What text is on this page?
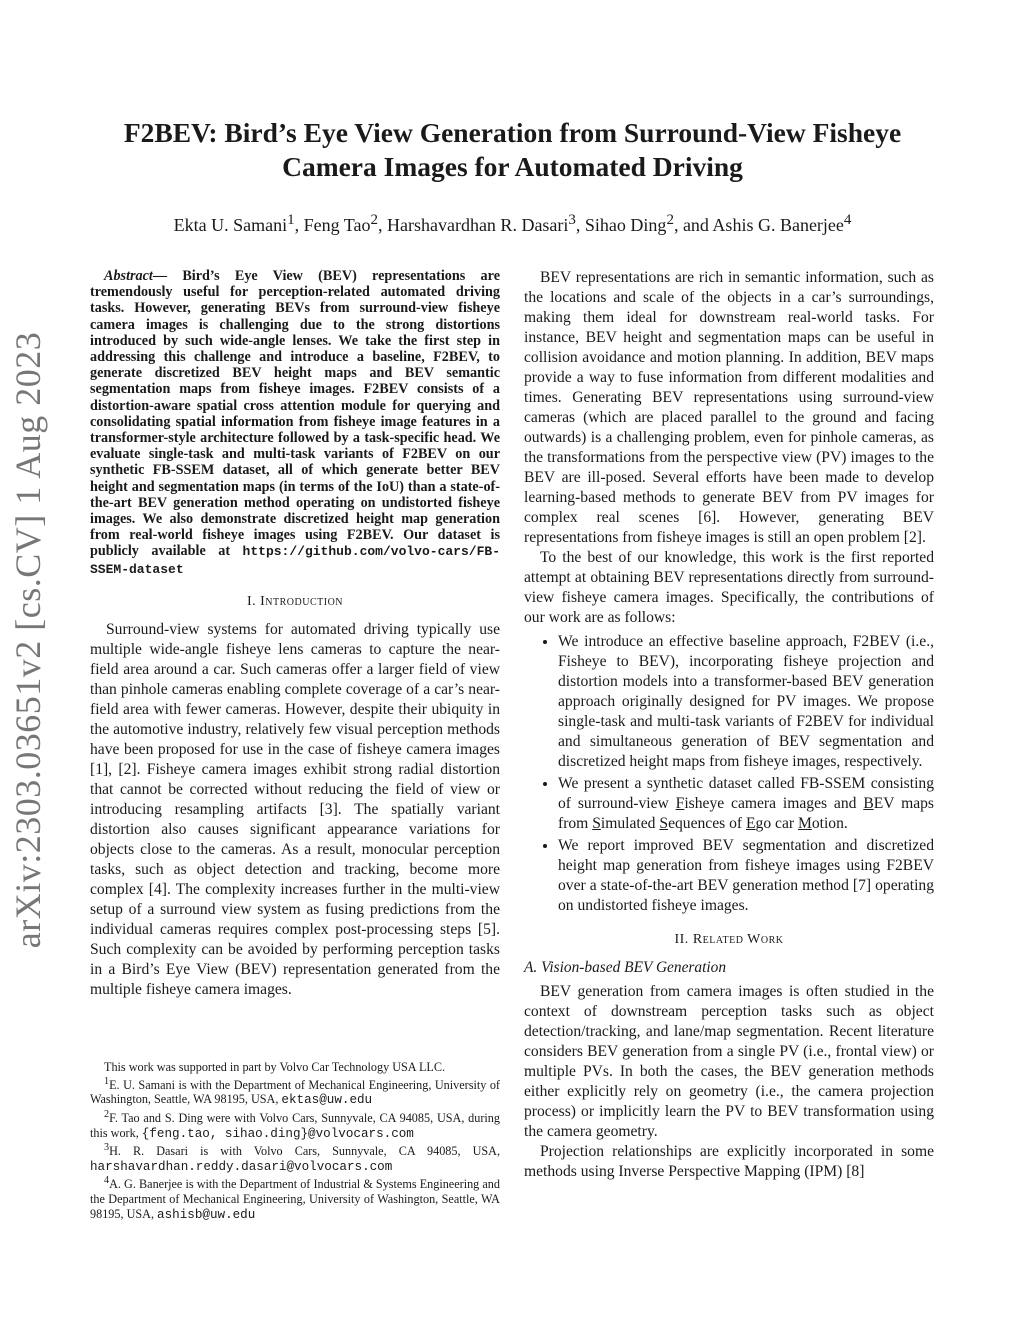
arXiv:2303.03651v2 [cs.CV] 1 Aug 2023
F2BEV: Bird’s Eye View Generation from Surround-View Fisheye
Camera Images for Automated Driving
Ekta U. Samani$^1$, Feng Tao$^2$, Harshavardhan R. Dasari$^3$, Sihao Ding$^2$, and Ashis G. Banerjee$^4$

Abstract— Bird’s Eye View (BEV) representations are tremendously useful for perception-related automated driving tasks. However, generating BEVs from surround-view fisheye camera images is challenging due to the strong distortions introduced by such wide-angle lenses. We take the first step in addressing this challenge and introduce a baseline, F2BEV, to generate discretized BEV height maps and BEV semantic segmentation maps from fisheye images. F2BEV consists of a distortion-aware spatial cross attention module for querying and consolidating spatial information from fisheye image features in a transformer-style architecture followed by a task-specific head. We evaluate single-task and multi-task variants of F2BEV on our synthetic FB-SSEM dataset, all of which generate better BEV height and segmentation maps (in terms of the IoU) than a state-of-the-art BEV generation method operating on undistorted fisheye images. We also demonstrate discretized height map generation from real-world fisheye images using F2BEV. Our dataset is publicly available at https://github.com/volvo-cars/FB-SSEM-dataset

I. Introduction

Surround-view systems for automated driving typically use multiple wide-angle fisheye lens cameras to capture the near-field area around a car. Such cameras offer a larger field of view than pinhole cameras enabling complete coverage of a car’s near-field area with fewer cameras. However, despite their ubiquity in the automotive industry, relatively few visual perception methods have been proposed for use in the case of fisheye camera images [1], [2]. Fisheye camera images exhibit strong radial distortion that cannot be corrected without reducing the field of view or introducing resampling artifacts [3]. The spatially variant distortion also causes significant appearance variations for objects close to the cameras. As a result, monocular perception tasks, such as object detection and tracking, become more complex [4]. The complexity increases further in the multi-view setup of a surround view system as fusing predictions from the individual cameras requires complex post-processing steps [5]. Such complexity can be avoided by performing perception tasks in a Bird’s Eye View (BEV) representation generated from the multiple fisheye camera images.

This work was supported in part by Volvo Car Technology USA LLC.

$^1$E. U. Samani is with the Department of Mechanical Engineering, University of Washington, Seattle, WA 98195, USA, ektas@uw.edu

$^2$F. Tao and S. Ding were with Volvo Cars, Sunnyvale, CA 94085, USA, during this work, {feng.tao, sihao.ding}@volvocars.com

$^3$H. R. Dasari is with Volvo Cars, Sunnyvale, CA 94085, USA, harshavardhan.reddy.dasari@volvocars.com

$^4$A. G. Banerjee is with the Department of Industrial & Systems Engineering and the Department of Mechanical Engineering, University of Washington, Seattle, WA 98195, USA, ashisb@uw.edu

BEV representations are rich in semantic information, such as the locations and scale of the objects in a car’s surroundings, making them ideal for downstream real-world tasks. For instance, BEV height and segmentation maps can be useful in collision avoidance and motion planning. In addition, BEV maps provide a way to fuse information from different modalities and times. Generating BEV representations using surround-view cameras (which are placed parallel to the ground and facing outwards) is a challenging problem, even for pinhole cameras, as the transformations from the perspective view (PV) images to the BEV are ill-posed. Several efforts have been made to develop learning-based methods to generate BEV from PV images for complex real scenes [6]. However, generating BEV representations from fisheye images is still an open problem [2].

To the best of our knowledge, this work is the first reported attempt at obtaining BEV representations directly from surround-view fisheye camera images. Specifically, the contributions of our work are as follows:

• We introduce an effective baseline approach, F2BEV (i.e., Fisheye to BEV), incorporating fisheye projection and distortion models into a transformer-based BEV generation approach originally designed for PV images. We propose single-task and multi-task variants of F2BEV for individual and simultaneous generation of BEV segmentation and discretized height maps from fisheye images, respectively.
• We present a synthetic dataset called FB-SSEM consisting of surround-view Fisheye camera images and BEV maps from Simulated Sequences of Ego car Motion.
• We report improved BEV segmentation and discretized height map generation from fisheye images using F2BEV over a state-of-the-art BEV generation method [7] operating on undistorted fisheye images.
II. Related Work
A. Vision-based BEV Generation

BEV generation from camera images is often studied in the context of downstream perception tasks such as object detection/tracking, and lane/map segmentation. Recent literature considers BEV generation from a single PV (i.e., frontal view) or multiple PVs. In both the cases, the BEV generation methods either explicitly rely on geometry (i.e., the camera projection process) or implicitly learn the PV to BEV transformation using the camera geometry.

Projection relationships are explicitly incorporated in some methods using Inverse Perspective Mapping (IPM) [8]
